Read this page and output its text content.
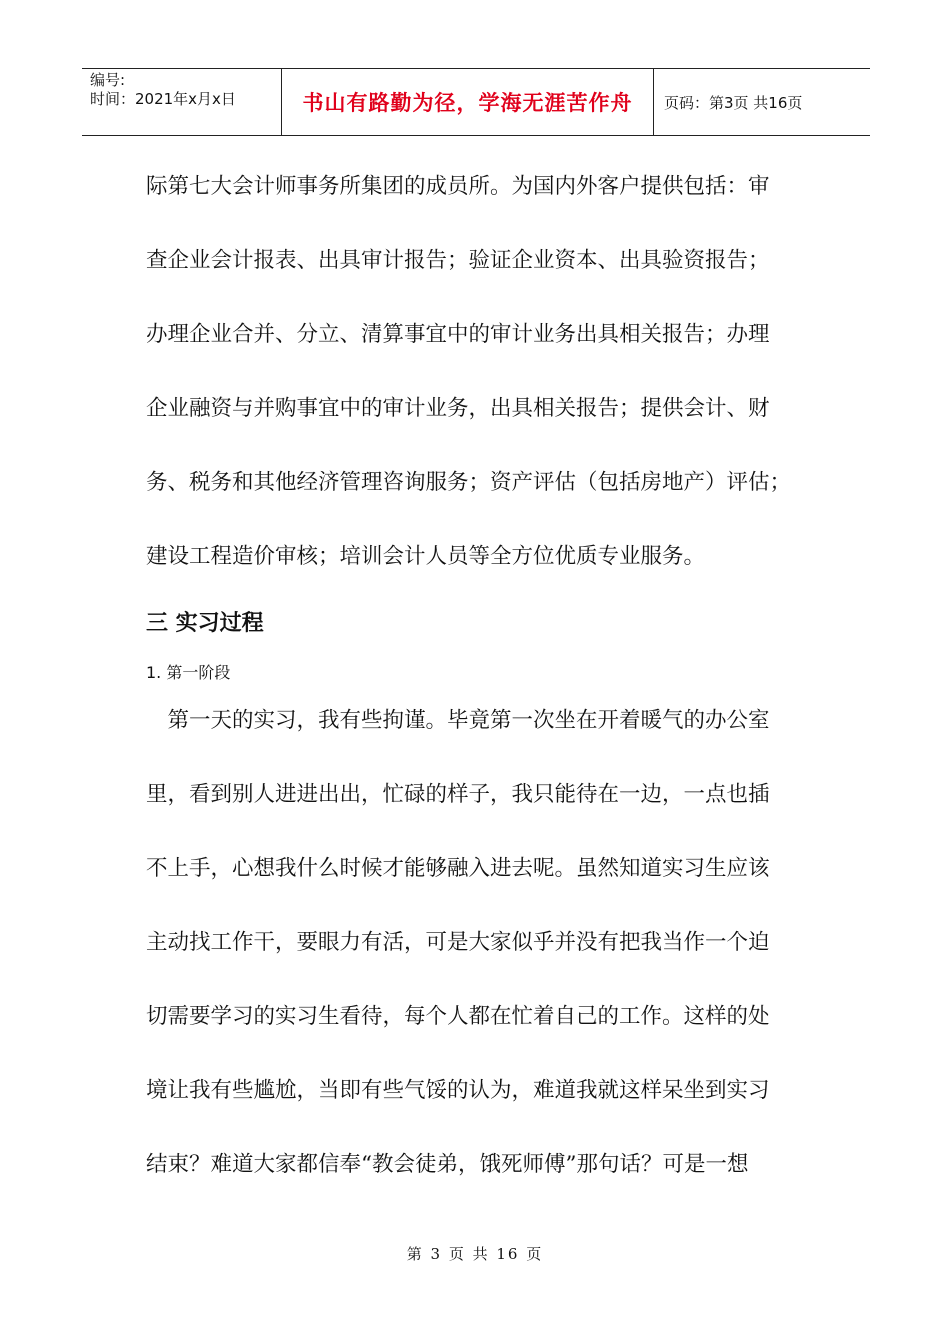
编号:
时间：2021年x月x日	书山有路勤为径，学海无涯苦作舟 页码：第3页 共16页
际第七大会计师事务所集团的成员所。为国内外客户提供包括：审
查企业会计报表、出具审计报告；验证企业资本、出具验资报告；
办理企业合并、分立、清算事宜中的审计业务出具相关报告；办理
企业融资与并购事宜中的审计业务，出具相关报告；提供会计、财
务、税务和其他经济管理咨询服务；资产评估（包括房地产）评估；
建设工程造价审核；培训会计人员等全方位优质专业服务。
三 实习过程
1. 第一阶段
　第一天的实习，我有些拘谨。毕竟第一次坐在开着暖气的办公室
里，看到别人进进出出，忙碌的样子，我只能待在一边，一点也插
不上手，心想我什么时候才能够融入进去呢。虽然知道实习生应该
主动找工作干，要眼力有活，可是大家似乎并没有把我当作一个迫
切需要学习的实习生看待，每个人都在忙着自己的工作。这样的处
境让我有些尴尬，当即有些气馁的认为，难道我就这样呆坐到实习
结束？难道大家都信奉“教会徒弟，饿死师傅”那句话？可是一想
第 3 页 共 16 页
